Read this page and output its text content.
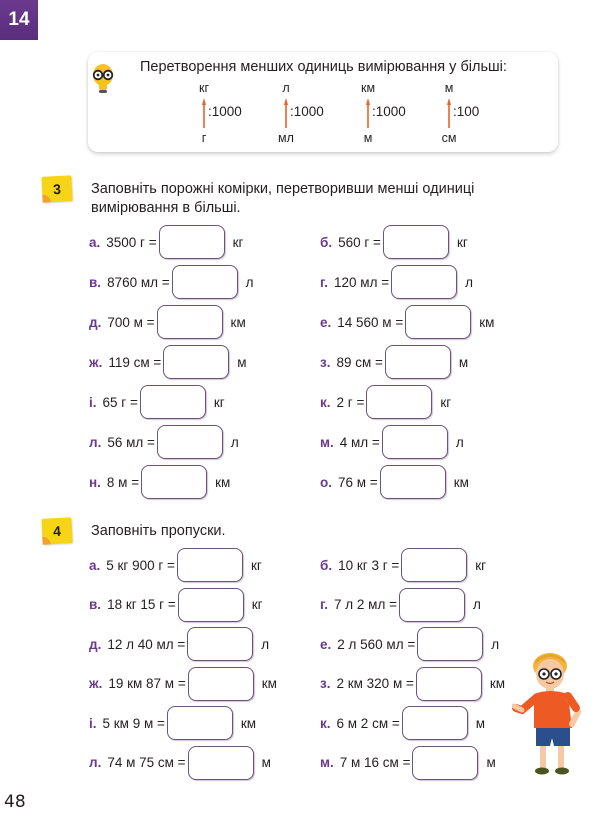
14
Перетворення менших одиниць вимірювання у більші:
кг
:1000
г
л
:1000
мл
км
:1000
м
м
:100
см
3	Заповніть порожні комірки, перетворивши менші одиниці
вимірювання в більші.
а. 3500 г =	кг	б. 560 г =	кг
в. 8760 мл =	л	г. 120 мл =	л
д. 700 м =	км	е. 14 560 м =	км
ж. 119 см =	м	з. 89 см =	м
і. 65 г =	кг	к. 2 г =	кг
л. 56 мл =	л	м. 4 мл =	л
н. 8 м =	км	о. 76 м =	км
4	Заповніть пропуски.
а. 5 кг 900 г =	кг	б. 10 кг 3 г =	кг
в. 18 кг 15 г =	кг	г. 7 л 2 мл =	л
д. 12 л 40 мл =	л	е. 2 л 560 мл =	л
ж. 19 км 87 м =	км	з. 2 км 320 м =	км
і. 5 км 9 м =	км	к. 6 м 2 см =	м
л. 74 м 75 см =	м	м. 7 м 16 см =	м
48
